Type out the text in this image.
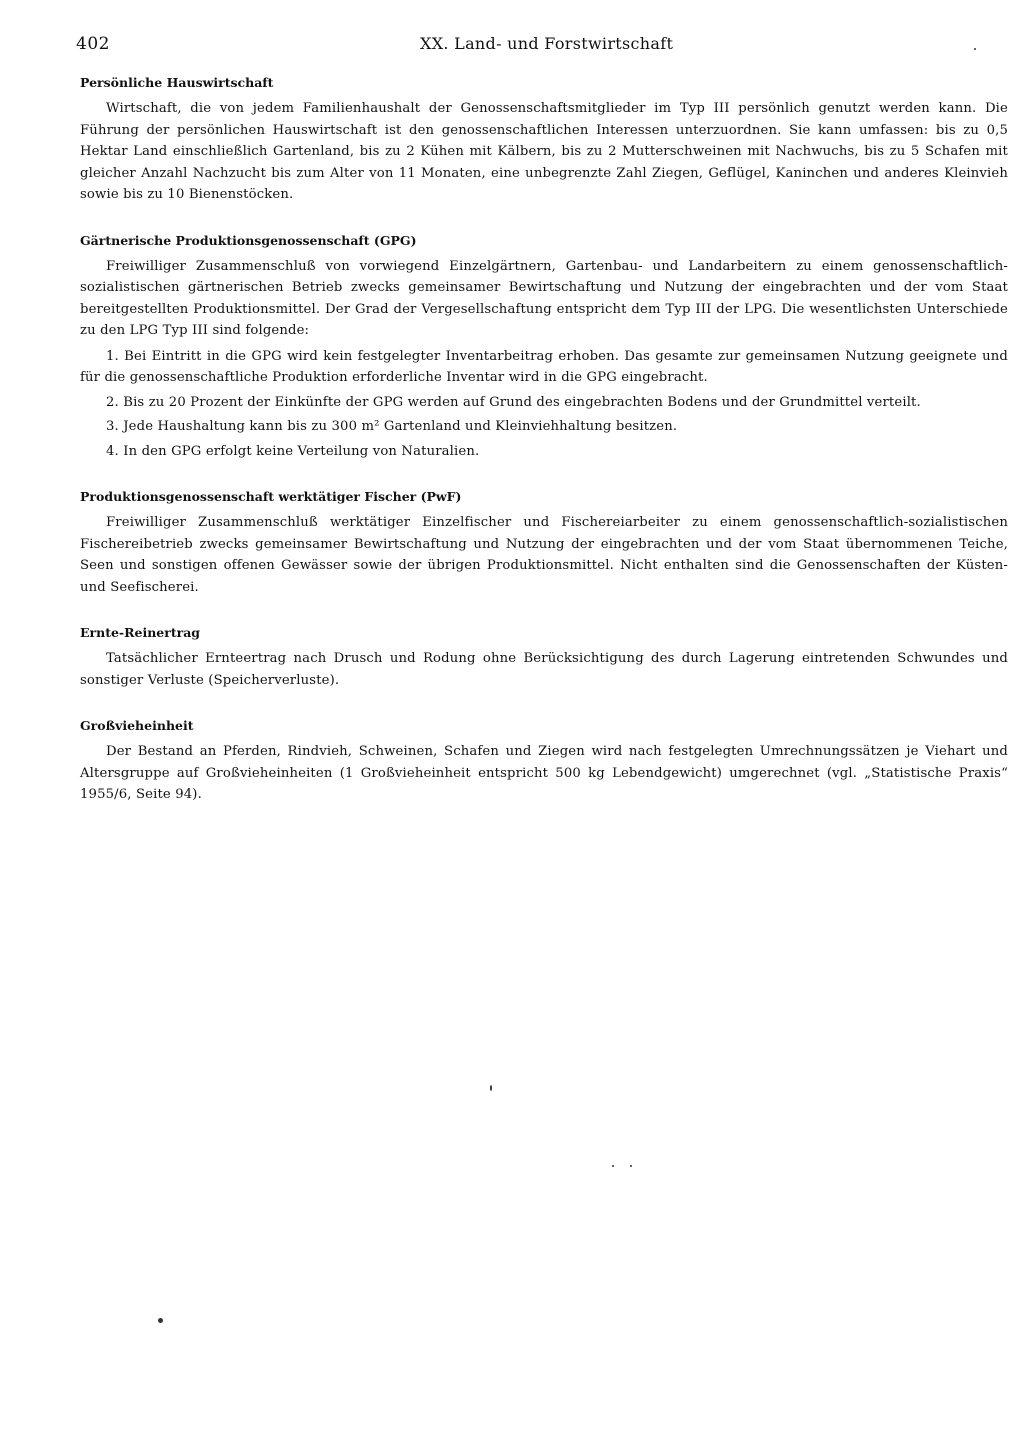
402	XX. Land- und Forstwirtschaft
Persönliche Hauswirtschaft

Wirtschaft, die von jedem Familienhaushalt der Genossenschaftsmitglieder im Typ III persönlich genutzt werden kann. Die Führung der persönlichen Hauswirtschaft ist den genossenschaftlichen Interessen unterzuordnen. Sie kann umfassen: bis zu 0,5 Hektar Land einschließlich Gartenland, bis zu 2 Kühen mit Kälbern, bis zu 2 Mutterschweinen mit Nachwuchs, bis zu 5 Schafen mit gleicher Anzahl Nachzucht bis zum Alter von 11 Monaten, eine unbegrenzte Zahl Ziegen, Geflügel, Kaninchen und anderes Kleinvieh sowie bis zu 10 Bienenstöcken.

Gärtnerische Produktionsgenossenschaft (GPG)

Freiwilliger Zusammenschluß von vorwiegend Einzelgärtnern, Gartenbau- und Landarbeitern zu einem genossenschaftlich-sozialistischen gärtnerischen Betrieb zwecks gemeinsamer Bewirtschaftung und Nutzung der eingebrachten und der vom Staat bereitgestellten Produktionsmittel. Der Grad der Vergesellschaftung entspricht dem Typ III der LPG. Die wesentlichsten Unterschiede zu den LPG Typ III sind folgende:

1. Bei Eintritt in die GPG wird kein festgelegter Inventarbeitrag erhoben. Das gesamte zur gemeinsamen Nutzung geeignete und für die genossenschaftliche Produktion erforderliche Inventar wird in die GPG eingebracht.
2. Bis zu 20 Prozent der Einkünfte der GPG werden auf Grund des eingebrachten Bodens und der Grundmittel verteilt.
3. Jede Haushaltung kann bis zu 300 m² Gartenland und Kleinviehhaltung besitzen.
4. In den GPG erfolgt keine Verteilung von Naturalien.
Produktionsgenossenschaft werktätiger Fischer (PwF)

Freiwilliger Zusammenschluß werktätiger Einzelfischer und Fischereiarbeiter zu einem genossenschaftlich-sozialistischen Fischereibetrieb zwecks gemeinsamer Bewirtschaftung und Nutzung der eingebrachten und der vom Staat übernommenen Teiche, Seen und sonstigen offenen Gewässer sowie der übrigen Produktionsmittel. Nicht enthalten sind die Genossenschaften der Küsten- und Seefischerei.

Ernte-Reinertrag

Tatsächlicher Ernteertrag nach Drusch und Rodung ohne Berücksichtigung des durch Lagerung eintretenden Schwundes und sonstiger Verluste (Speicherverluste).

Großvieheinheit

Der Bestand an Pferden, Rindvieh, Schweinen, Schafen und Ziegen wird nach festgelegten Umrechnungssätzen je Viehart und Altersgruppe auf Großvieheinheiten (1 Großvieheinheit entspricht 500 kg Lebendgewicht) umgerechnet (vgl. „Statistische Praxis“ 1955/6, Seite 94).
